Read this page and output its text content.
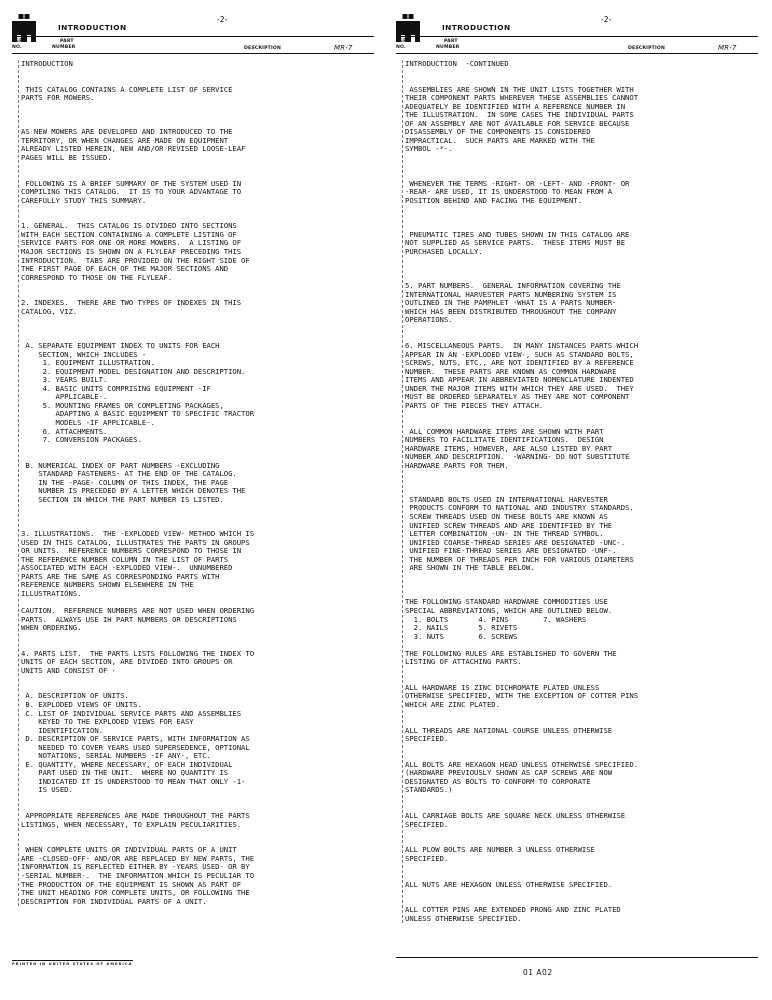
INTRODUCTION
-2-
REF.
NO.
PART
NUMBER	DESCRIPTION	MR-7
INTRODUCTION

THIS CATALOG CONTAINS A COMPLETE LIST OF SERVICE
PARTS FOR MOWERS.

AS NEW MOWERS ARE DEVELOPED AND INTRODUCED TO THE
TERRITORY, OR WHEN CHANGES ARE MADE ON EQUIPMENT
ALREADY LISTED HEREIN, NEW AND/OR REVISED LOOSE-LEAF
PAGES WILL BE ISSUED.

FOLLOWING IS A BRIEF SUMMARY OF THE SYSTEM USED IN
COMPILING THIS CATALOG.  IT IS TO YOUR ADVANTAGE TO
CAREFULLY STUDY THIS SUMMARY.

1. GENERAL.  THIS CATALOG IS DIVIDED INTO SECTIONS
WITH EACH SECTION CONTAINING A COMPLETE LISTING OF
SERVICE PARTS FOR ONE OR MORE MOWERS.  A LISTING OF
MAJOR SECTIONS IS SHOWN ON A FLYLEAF PRECEDING THIS
INTRODUCTION.  TABS ARE PROVIDED ON THE RIGHT SIDE OF
THE FIRST PAGE OF EACH OF THE MAJOR SECTIONS AND
CORRESPOND TO THOSE ON THE FLYLEAF.

2. INDEXES.  THERE ARE TWO TYPES OF INDEXES IN THIS
CATALOG, VIZ.

A. SEPARATE EQUIPMENT INDEX TO UNITS FOR EACH
SECTION, WHICH INCLUDES -
1. EQUIPMENT ILLUSTRATION.
2. EQUIPMENT MODEL DESIGNATION AND DESCRIPTION.
3. YEARS BUILT.
4. BASIC UNITS COMPRISING EQUIPMENT -IF
APPLICABLE-.
5. MOUNTING FRAMES OR COMPLETING PACKAGES,
ADAPTING A BASIC EQUIPMENT TO SPECIFIC TRACTOR
MODELS -IF APPLICABLE-.
6. ATTACHMENTS.
7. CONVERSION PACKAGES.

B. NUMERICAL INDEX OF PART NUMBERS -EXCLUDING
STANDARD FASTENERS- AT THE END OF THE CATALOG.
IN THE -PAGE- COLUMN OF THIS INDEX, THE PAGE
NUMBER IS PRECEDED BY A LETTER WHICH DENOTES THE
SECTION IN WHICH THE PART NUMBER IS LISTED.

3. ILLUSTRATIONS.  THE -EXPLODED VIEW- METHOD WHICH IS
USED IN THIS CATALOG, ILLUSTRATES THE PARTS IN GROUPS
OR UNITS.  REFERENCE NUMBERS CORRESPOND TO THOSE IN
THE REFERENCE NUMBER COLUMN IN THE LIST OF PARTS
ASSOCIATED WITH EACH -EXPLODED VIEW-.  UNNUMBERED
PARTS ARE THE SAME AS CORRESPONDING PARTS WITH
REFERENCE NUMBERS SHOWN ELSEWHERE IN THE
ILLUSTRATIONS.

CAUTION.  REFERENCE NUMBERS ARE NOT USED WHEN ORDERING
PARTS.  ALWAYS USE IH PART NUMBERS OR DESCRIPTIONS
WHEN ORDERING.

4. PARTS LIST.  THE PARTS LISTS FOLLOWING THE INDEX TO
UNITS OF EACH SECTION, ARE DIVIDED INTO GROUPS OR
UNITS AND CONSIST OF -

A. DESCRIPTION OF UNITS.
B. EXPLODED VIEWS OF UNITS.
C. LIST OF INDIVIDUAL SERVICE PARTS AND ASSEMBLIES
KEYED TO THE EXPLODED VIEWS FOR EASY
IDENTIFICATION.
D. DESCRIPTION OF SERVICE PARTS, WITH INFORMATION AS
NEEDED TO COVER YEARS USED SUPERSEDENCE, OPTIONAL
NOTATIONS, SERIAL NUMBERS -IF ANY-, ETC.
E. QUANTITY, WHERE NECESSARY, OF EACH INDIVIDUAL
PART USED IN THE UNIT.  WHERE NO QUANTITY IS
INDICATED IT IS UNDERSTOOD TO MEAN THAT ONLY -1-
IS USED.

APPROPRIATE REFERENCES ARE MADE THROUGHOUT THE PARTS
LISTINGS, WHEN NECESSARY, TO EXPLAIN PECULIARITIES.

WHEN COMPLETE UNITS OR INDIVIDUAL PARTS OF A UNIT
ARE -CLOSED-OFF- AND/OR ARE REPLACED BY NEW PARTS, THE
INFORMATION IS REFLECTED EITHER BY -YEARS USED- OR BY
-SERIAL NUMBER-.  THE INFORMATION WHICH IS PECULIAR TO
THE PRODUCTION OF THE EQUIPMENT IS SHOWN AS PART OF
THE UNIT HEADING FOR COMPLETE UNITS, OR FOLLOWING THE
DESCRIPTION FOR INDIVIDUAL PARTS OF A UNIT.
INTRODUCTION
-2-
REF.
NO.
PART
NUMBER	DESCRIPTION	MR-7
INTRODUCTION  -CONTINUED

ASSEMBLIES ARE SHOWN IN THE UNIT LISTS TOGETHER WITH
THEIR COMPONENT PARTS WHEREVER THESE ASSEMBLIES CANNOT
ADEQUATELY BE IDENTIFIED WITH A REFERENCE NUMBER IN
THE ILLUSTRATION.  IN SOME CASES THE INDIVIDUAL PARTS
OF AN ASSEMBLY ARE NOT AVAILABLE FOR SERVICE BECAUSE
DISASSEMBLY OF THE COMPONENTS IS CONSIDERED
IMPRACTICAL.  SUCH PARTS ARE MARKED WITH THE
SYMBOL -*-.

WHENEVER THE TERMS -RIGHT- OR -LEFT- AND -FRONT- OR
-REAR- ARE USED, IT IS UNDERSTOOD TO MEAN FROM A
POSITION BEHIND AND FACING THE EQUIPMENT.

PNEUMATIC TIRES AND TUBES SHOWN IN THIS CATALOG ARE
NOT SUPPLIED AS SERVICE PARTS.  THESE ITEMS MUST BE
PURCHASED LOCALLY.

5. PART NUMBERS.  GENERAL INFORMATION COVERING THE
INTERNATIONAL HARVESTER PARTS NUMBERING SYSTEM IS
OUTLINED IN THE PAMPHLET -WHAT IS A PARTS NUMBER-
WHICH HAS BEEN DISTRIBUTED THROUGHOUT THE COMPANY
OPERATIONS.

6. MISCELLANEOUS PARTS.  IN MANY INSTANCES PARTS WHICH
APPEAR IN AN -EXPLODED VIEW-, SUCH AS STANDARD BOLTS,
SCREWS, NUTS, ETC., ARE NOT IDENTIFIED BY A REFERENCE
NUMBER.  THESE PARTS ARE KNOWN AS COMMON HARDWARE
ITEMS AND APPEAR IN ABBREVIATED NOMENCLATURE INDENTED
UNDER THE MAJOR ITEMS WITH WHICH THEY ARE USED.  THEY
MUST BE ORDERED SEPARATELY AS THEY ARE NOT COMPONENT
PARTS OF THE PIECES THEY ATTACH.

ALL COMMON HARDWARE ITEMS ARE SHOWN WITH PART
NUMBERS TO FACILITATE IDENTIFICATIONS.  DESIGN
HARDWARE ITEMS, HOWEVER, ARE ALSO LISTED BY PART
NUMBER AND DESCRIPTION.  -WARNING- DO NOT SUBSTITUTE
HARDWARE PARTS FOR THEM.

STANDARD BOLTS USED IN INTERNATIONAL HARVESTER
PRODUCTS CONFORM TO NATIONAL AND INDUSTRY STANDARDS.
SCREW THREADS USED ON THESE BOLTS ARE KNOWN AS
UNIFIED SCREW THREADS AND ARE IDENTIFIED BY THE
LETTER COMBINATION -UN- IN THE THREAD SYMBOL.
UNIFIED COARSE-THREAD SERIES ARE DESIGNATED -UNC-.
UNIFIED FINE-THREAD SERIES ARE DESIGNATED -UNF-.
THE NUMBER OF THREADS PER INCH FOR VARIOUS DIAMETERS
ARE SHOWN IN THE TABLE BELOW.

THE FOLLOWING STANDARD HARDWARE COMMODITIES USE
SPECIAL ABBREVIATIONS, WHICH ARE OUTLINED BELOW.
1. BOLTS       4. PINS        7. WASHERS
2. NAILS       5. RIVETS
3. NUTS        6. SCREWS

THE FOLLOWING RULES ARE ESTABLISHED TO GOVERN THE
LISTING OF ATTACHING PARTS.

ALL HARDWARE IS ZINC DICHROMATE PLATED UNLESS
OTHERWISE SPECIFIED, WITH THE EXCEPTION OF COTTER PINS
WHICH ARE ZINC PLATED.

ALL THREADS ARE NATIONAL COURSE UNLESS OTHERWISE
SPECIFIED.

ALL BOLTS ARE HEXAGON HEAD UNLESS OTHERWISE SPECIFIED.
(HARDWARE PREVIOUSLY SHOWN AS CAP SCREWS ARE NOW
DESIGNATED AS BOLTS TO CONFORM TO CORPORATE
STANDARDS.)

ALL CARRIAGE BOLTS ARE SQUARE NECK UNLESS OTHERWISE
SPECIFIED.

ALL PLOW BOLTS ARE NUMBER 3 UNLESS OTHERWISE
SPECIFIED.

ALL NUTS ARE HEXAGON UNLESS OTHERWISE SPECIFIED.

ALL COTTER PINS ARE EXTENDED PRONG AND ZINC PLATED
UNLESS OTHERWISE SPECIFIED.
PRINTED IN UNITED STATES OF AMERICA
01 A02
